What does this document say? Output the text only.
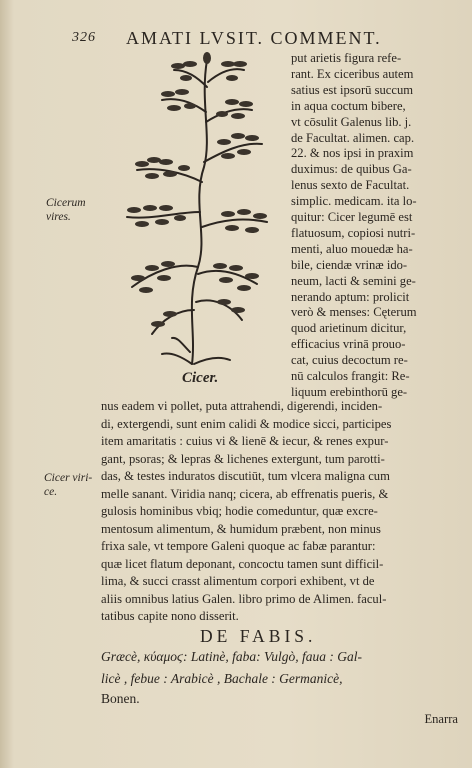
326 AMATI LVSIT. COMMENT.
Cicer.
Cicerum vires.
Cicer viri-ce.
put arietis figura refe-
rant. Ex ciceribus autem
satius est ipsorū succum
in aqua coctum bibere,
vt cōsulit Galenus lib. j.
de Facultat. alimen. cap.
22. & nos ipsi in praxim
duximus: de quibus Ga-
lenus sexto de Facultat.
simplic. medicam. ita lo-
quitur: Cicer legumē est
flatuosum, copiosi nutri-
menti, aluo mouedæ ha-
bile, ciendæ vrinæ ido-
neum, lacti & semini ge-
nerando aptum: prolicit
verò & menses: Cęterum
quod arietinum dicitur,
efficacius vrinā prouo-
cat, cuius decoctum re-
nū calculos frangit: Re-
nus eadem vi pollet, puta attrahendi, digerendi, inciden-
di, extergendi, sunt enim calidi & modice sicci, participes
item amaritatis : cuius vi & lienē & iecur, & renes expur-
gant, psoras; & lepras & lichenes extergunt, tum parotti-
das, & testes induratos discutiūt, tum vlcera maligna cum
melle sanant. Viridia nanq; cicera, ab effrenatis pueris, &
gulosis hominibus vbiq; hodie comeduntur, quæ excre-
mentosum alimentum, & humidum præbent, non minus
frixa sale, vt tempore Galeni quoque ac fabæ parantur:
quæ licet flatum deponant, concoctu tamen sunt difficil-
lima, & succi crasst alimentum corpori exhibent, vt de
aliis omnibus latius Galen. libro primo de Alimen. facul-
DE FABIS.
Græcè, κύαμοϛ: Latinè, faba: Vulgò, faua : Gal-
licè , febue : Arabicè , Bachale : Germanicè,
Bonen.
Enarra
liquum erebinthorū ge-
tatibus capite nono disserit.
